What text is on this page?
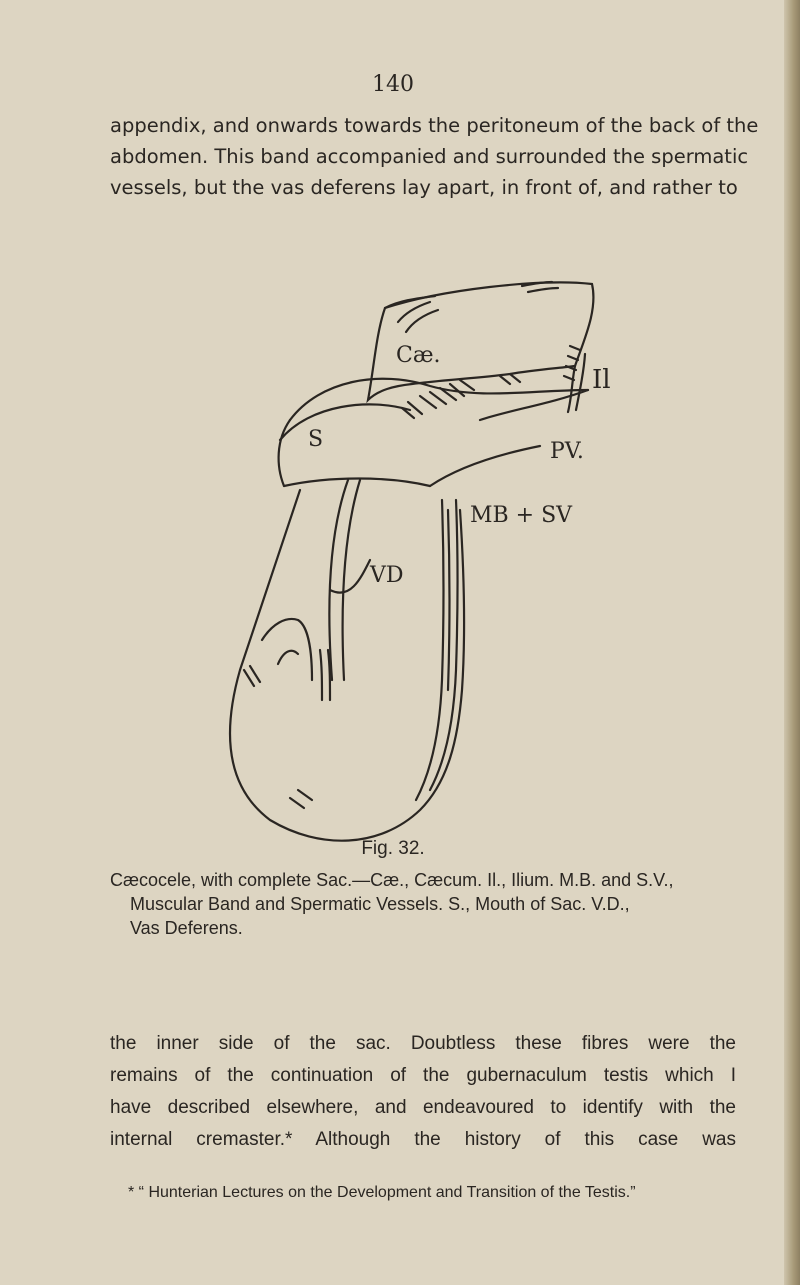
140

appendix, and onwards towards the peritoneum of the back of the
abdomen. This band accompanied and surrounded the spermatic
vessels, but the vas deferens lay apart, in front of, and rather to

Cæ.
Il
PV.
S
MB + SV
VD
Fig. 32.
Cæcocele, with complete Sac.—Cæ., Cæcum. Il., Ilium. M.B. and S.V.,
Muscular Band and Spermatic Vessels. S., Mouth of Sac. V.D.,
Vas Deferens.

the inner side of the sac. Doubtless these fibres were the
remains of the continuation of the gubernaculum testis which I
have described elsewhere, and endeavoured to identify with the
internal cremaster.* Although the history of this case was

* “ Hunterian Lectures on the Development and Transition of the Testis.”
